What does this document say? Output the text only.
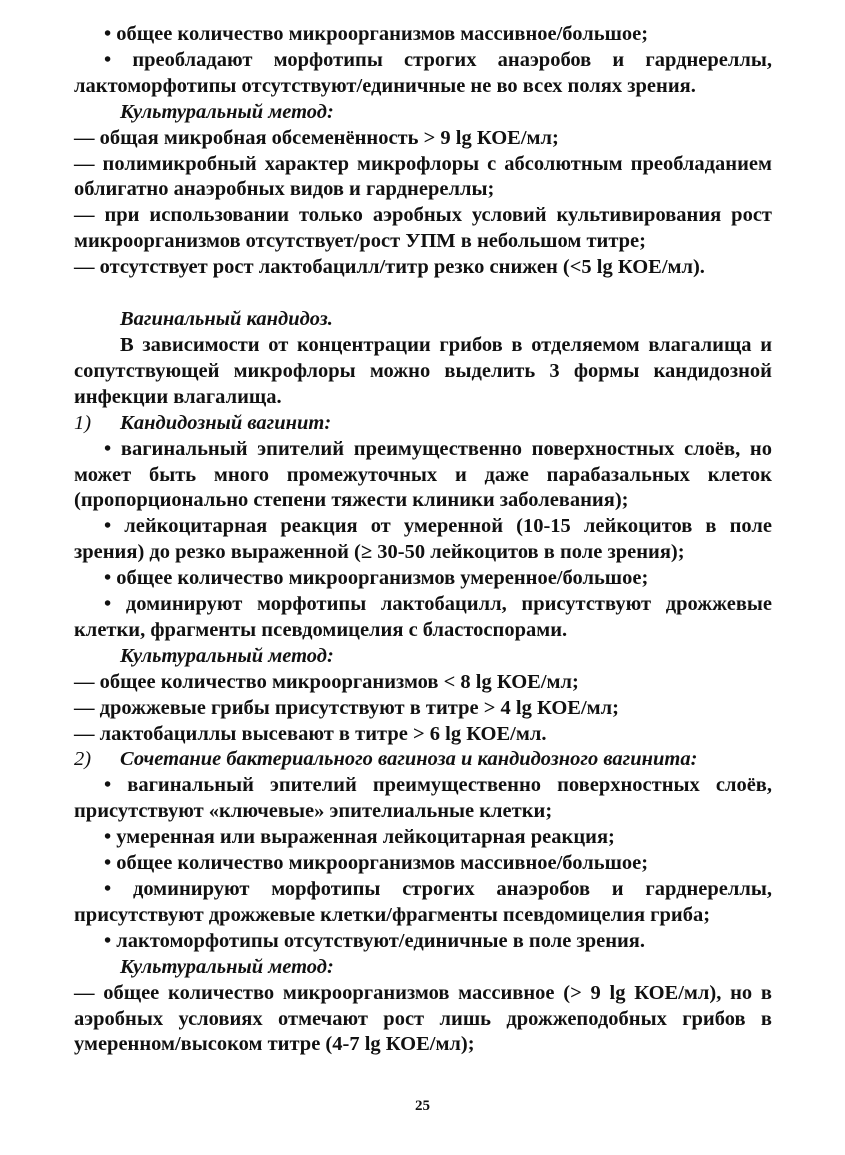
• общее количество микроорганизмов массивное/большое;

• преобладают морфотипы строгих анаэробов и гарднереллы, лактоморфотипы отсутствуют/единичные не во всех полях зрения.

Культуральный метод:

— общая микробная обсеменённость > 9 lg КОЕ/мл;

— полимикробный характер микрофлоры с абсолютным преобладанием облигатно анаэробных видов и гарднереллы;

— при использовании только аэробных условий культивирования рост микроорганизмов отсутствует/рост УПМ в небольшом титре;

— отсутствует рост лактобацилл/титр резко снижен (<5 lg КОЕ/мл).

Вагинальный кандидоз.

В зависимости от концентрации грибов в отделяемом влагалища и сопутствующей микрофлоры можно выделить 3 формы кандидозной инфекции влагалища.

1) Кандидозный вагинит:

• вагинальный эпителий преимущественно поверхностных слоёв, но может быть много промежуточных и даже парабазальных клеток (пропорционально степени тяжести клиники заболевания);

• лейкоцитарная реакция от умеренной (10-15 лейкоцитов в поле зрения) до резко выраженной (≥ 30-50 лейкоцитов в поле зрения);

• общее количество микроорганизмов умеренное/большое;

• доминируют морфотипы лактобацилл, присутствуют дрожжевые клетки, фрагменты псевдомицелия с бластоспорами.

Культуральный метод:

— общее количество микроорганизмов < 8 lg КОЕ/мл;

— дрожжевые грибы присутствуют в титре > 4 lg КОЕ/мл;

— лактобациллы высевают в титре > 6 lg КОЕ/мл.

2) Сочетание бактериального вагиноза и кандидозного вагинита:

• вагинальный эпителий преимущественно поверхностных слоёв, присутствуют «ключевые» эпителиальные клетки;

• умеренная или выраженная лейкоцитарная реакция;

• общее количество микроорганизмов массивное/большое;

• доминируют морфотипы строгих анаэробов и гарднереллы, присутствуют дрожжевые клетки/фрагменты псевдомицелия гриба;

• лактоморфотипы отсутствуют/единичные в поле зрения.

Культуральный метод:

— общее количество микроорганизмов массивное (> 9 lg КОЕ/мл), но в аэробных условиях отмечают рост лишь дрожжеподобных грибов в умеренном/высоком титре (4-7 lg КОЕ/мл);

25
